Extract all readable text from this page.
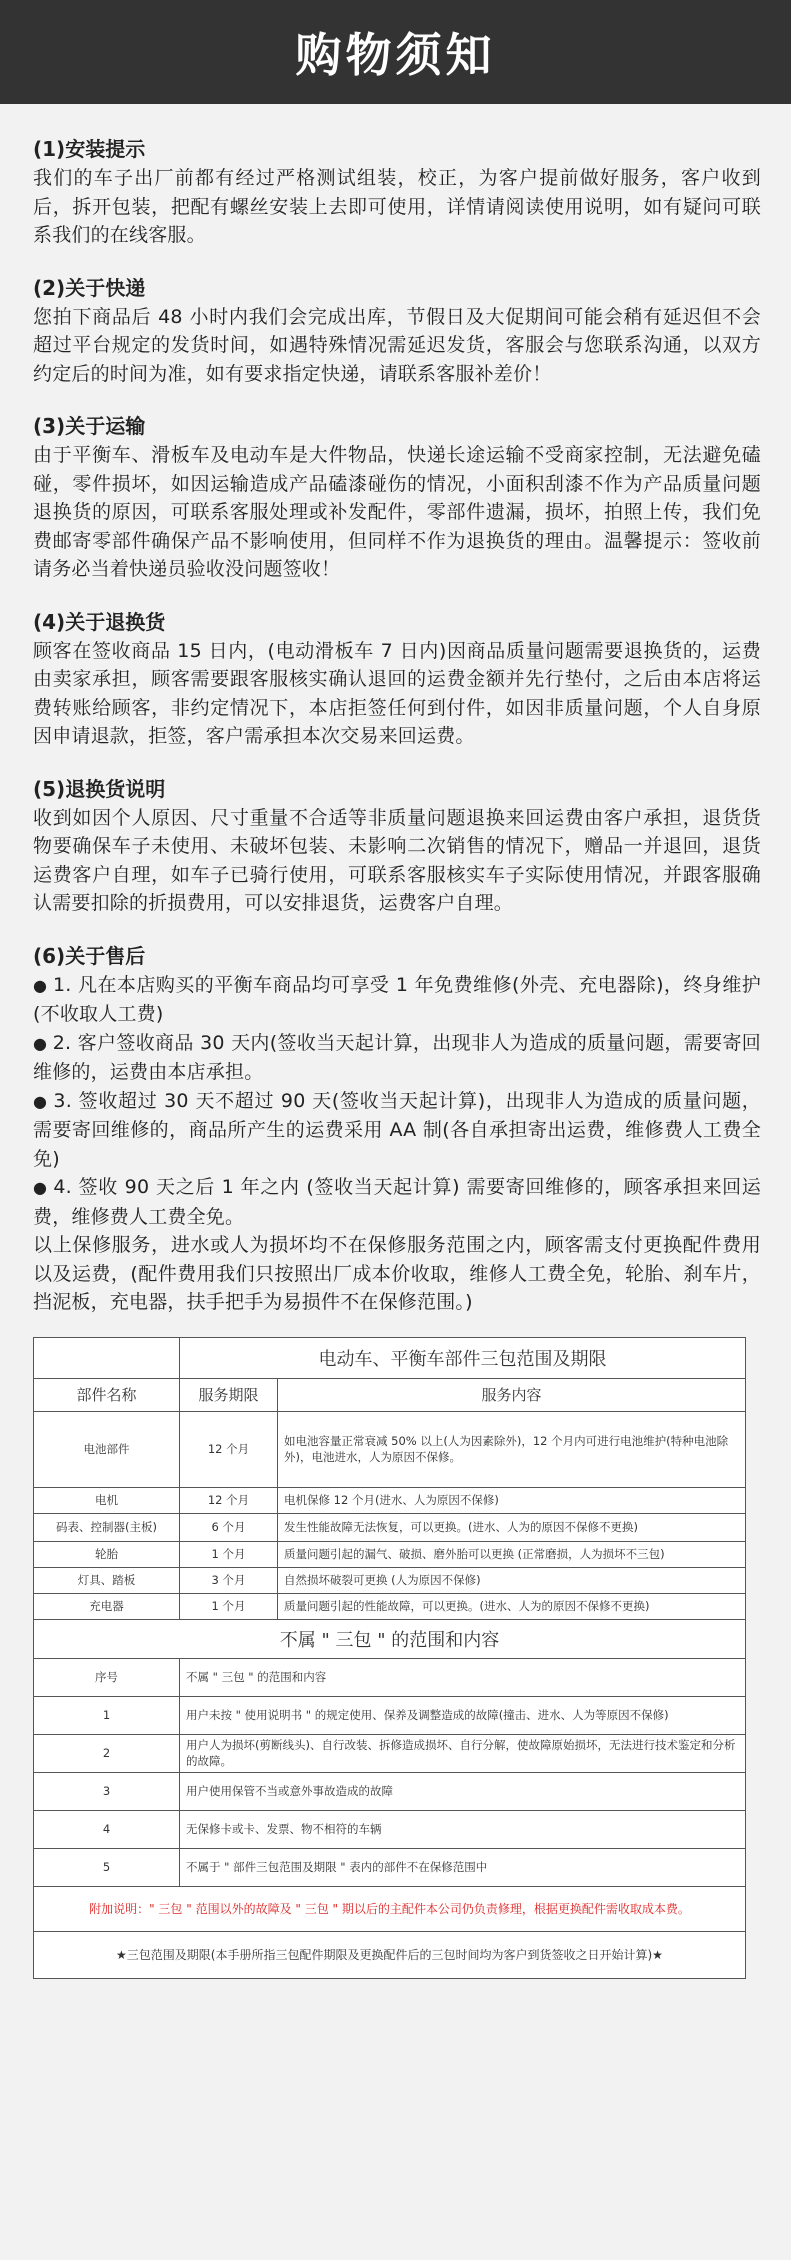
购物须知

(1)安装提示

我们的车子出厂前都有经过严格测试组装，校正，为客户提前做好服务，客户收到后，拆开包装，把配有螺丝安装上去即可使用，详情请阅读使用说明，如有疑问可联系我们的在线客服。

(2)关于快递

您拍下商品后 48 小时内我们会完成出库，节假日及大促期间可能会稍有延迟但不会超过平台规定的发货时间，如遇特殊情况需延迟发货，客服会与您联系沟通，以双方约定后的时间为准，如有要求指定快递，请联系客服补差价！

(3)关于运输

由于平衡车、滑板车及电动车是大件物品，快递长途运输不受商家控制，无法避免磕碰，零件损坏，如因运输造成产品磕漆碰伤的情况，小面积刮漆不作为产品质量问题退换货的原因，可联系客服处理或补发配件，零部件遗漏，损坏，拍照上传，我们免费邮寄零部件确保产品不影响使用，但同样不作为退换货的理由。温馨提示：签收前请务必当着快递员验收没问题签收！

(4)关于退换货

顾客在签收商品 15 日内，(电动滑板车 7 日内)因商品质量问题需要退换货的，运费由卖家承担，顾客需要跟客服核实确认退回的运费金额并先行垫付，之后由本店将运费转账给顾客，非约定情况下，本店拒签任何到付件，如因非质量问题，个人自身原因申请退款，拒签，客户需承担本次交易来回运费。

(5)退换货说明

收到如因个人原因、尺寸重量不合适等非质量问题退换来回运费由客户承担，退货货物要确保车子未使用、未破坏包装、未影响二次销售的情况下，赠品一并退回，退货运费客户自理，如车子已骑行使用，可联系客服核实车子实际使用情况，并跟客服确认需要扣除的折损费用，可以安排退货，运费客户自理。

(6)关于售后

● 1. 凡在本店购买的平衡车商品均可享受 1 年免费维修(外壳、充电器除)，终身维护(不收取人工费)

● 2. 客户签收商品 30 天内(签收当天起计算，出现非人为造成的质量问题，需要寄回维修的，运费由本店承担。

● 3. 签收超过 30 天不超过 90 天(签收当天起计算)，出现非人为造成的质量问题，需要寄回维修的，商品所产生的运费采用 AA 制(各自承担寄出运费，维修费人工费全免)

● 4. 签收 90 天之后 1 年之内 (签收当天起计算) 需要寄回维修的，顾客承担来回运费，维修费人工费全免。

以上保修服务，进水或人为损坏均不在保修服务范围之内，顾客需支付更换配件费用以及运费，(配件费用我们只按照出厂成本价收取，维修人工费全免，轮胎、刹车片，挡泥板，充电器，扶手把手为易损件不在保修范围。)

	电动车、平衡车部件三包范围及期限	
部件名称	服务期限	服务内容
电池部件	12 个月	如电池容量正常衰减 50% 以上(人为因素除外)，12 个月内可进行电池维护(特种电池除外)，电池进水，人为原因不保修。
电机	12 个月	电机保修 12 个月(进水、人为原因不保修)
码表、控制器(主板)	6 个月	发生性能故障无法恢复，可以更换。(进水、人为的原因不保修不更换)
轮胎	1 个月	质量问题引起的漏气、破损、磨外胎可以更换 (正常磨损，人为损坏不三包)
灯具、踏板	3 个月	自然损坏破裂可更换 (人为原因不保修)
充电器	1 个月	质量问题引起的性能故障，可以更换。(进水、人为的原因不保修不更换)
不属 " 三包 " 的范围和内容		
序号	不属 " 三包 " 的范围和内容	
1	用户未按 " 使用说明书 " 的规定使用、保养及调整造成的故障(撞击、进水、人为等原因不保修)	
2	用户人为损坏(剪断线头)、自行改装、拆修造成损坏、自行分解，使故障原始损坏，无法进行技术鉴定和分析的故障。	
3	用户使用保管不当或意外事故造成的故障	
4	无保修卡或卡、发票、物不相符的车辆	
5	不属于 " 部件三包范围及期限 " 表内的部件不在保修范围中	
附加说明：" 三包 " 范围以外的故障及 " 三包 " 期以后的主配件本公司仍负责修理，根据更换配件需收取成本费。		
★三包范围及期限(本手册所指三包配件期限及更换配件后的三包时间均为客户到货签收之日开始计算)★		
